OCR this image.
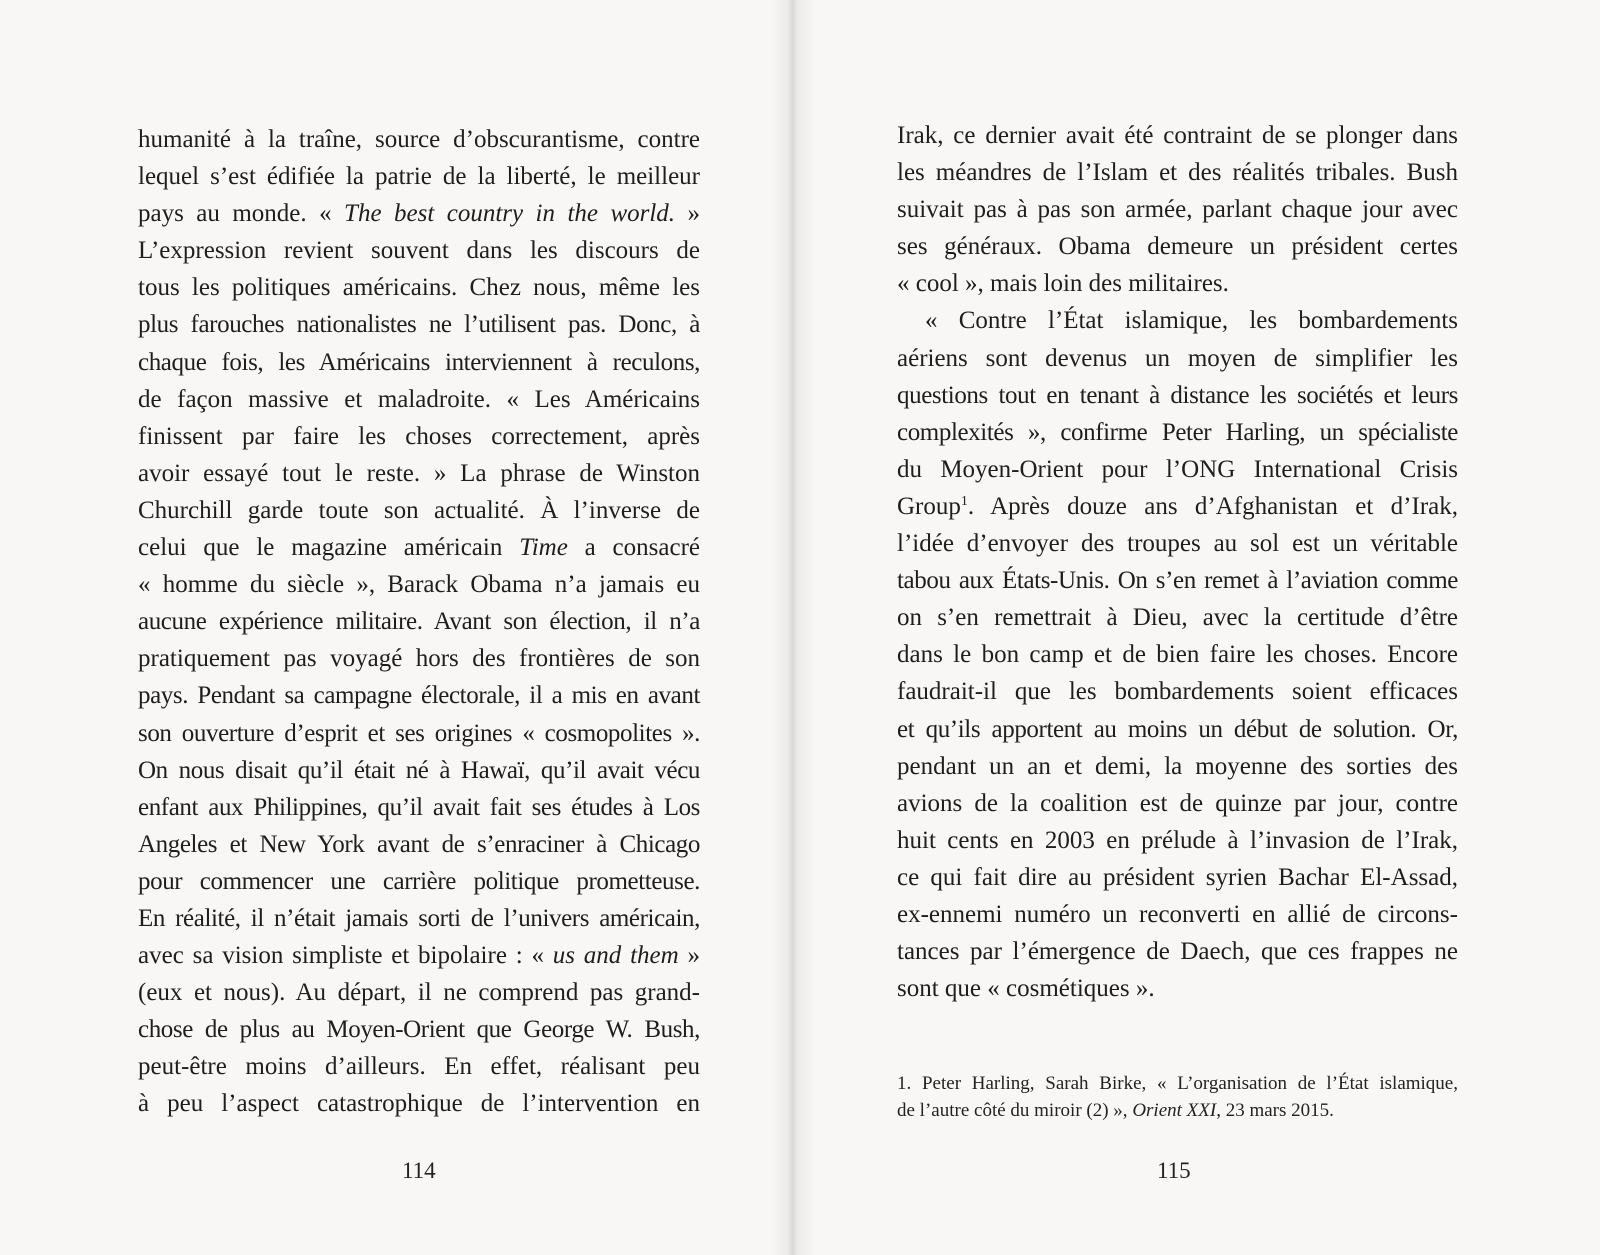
humanité à la traîne, source d’obscurantisme, contre
lequel s’est édifiée la patrie de la liberté, le meilleur
pays au monde. « The best country in the world. »
L’expression revient souvent dans les discours de
tous les politiques américains. Chez nous, même les
plus farouches nationalistes ne l’utilisent pas. Donc, à
chaque fois, les Américains interviennent à reculons,
de façon massive et maladroite. « Les Américains
finissent par faire les choses correctement, après
avoir essayé tout le reste. » La phrase de Winston
Churchill garde toute son actualité. À l’inverse de
celui que le magazine américain Time a consacré
« homme du siècle », Barack Obama n’a jamais eu
aucune expérience militaire. Avant son élection, il n’a
pratiquement pas voyagé hors des frontières de son
pays. Pendant sa campagne électorale, il a mis en avant
son ouverture d’esprit et ses origines « cosmopolites ».
On nous disait qu’il était né à Hawaï, qu’il avait vécu
enfant aux Philippines, qu’il avait fait ses études à Los
Angeles et New York avant de s’enraciner à Chicago
pour commencer une carrière politique prometteuse.
En réalité, il n’était jamais sorti de l’univers américain,
avec sa vision simpliste et bipolaire : « us and them »
(eux et nous). Au départ, il ne comprend pas grand-
chose de plus au Moyen-Orient que George W. Bush,
peut-être moins d’ailleurs. En effet, réalisant peu
à peu l’aspect catastrophique de l’intervention en
114
Irak, ce dernier avait été contraint de se plonger dans
les méandres de l’Islam et des réalités tribales. Bush
suivait pas à pas son armée, parlant chaque jour avec
ses généraux. Obama demeure un président certes
« cool », mais loin des militaires.
« Contre l’État islamique, les bombardements
aériens sont devenus un moyen de simplifier les
questions tout en tenant à distance les sociétés et leurs
complexités », confirme Peter Harling, un spécialiste
du Moyen-Orient pour l’ONG International Crisis
Group$^1$. Après douze ans d’Afghanistan et d’Irak,
l’idée d’envoyer des troupes au sol est un véritable
tabou aux États-Unis. On s’en remet à l’aviation comme
on s’en remettrait à Dieu, avec la certitude d’être
dans le bon camp et de bien faire les choses. Encore
faudrait-il que les bombardements soient efficaces
et qu’ils apportent au moins un début de solution. Or,
pendant un an et demi, la moyenne des sorties des
avions de la coalition est de quinze par jour, contre
huit cents en 2003 en prélude à l’invasion de l’Irak,
ce qui fait dire au président syrien Bachar El-Assad,
ex-ennemi numéro un reconverti en allié de circons-
tances par l’émergence de Daech, que ces frappes ne
sont que « cosmétiques ».
1. Peter Harling, Sarah Birke, « L’organisation de l’État islamique,
de l’autre côté du miroir (2) », Orient XXI, 23 mars 2015.
115
